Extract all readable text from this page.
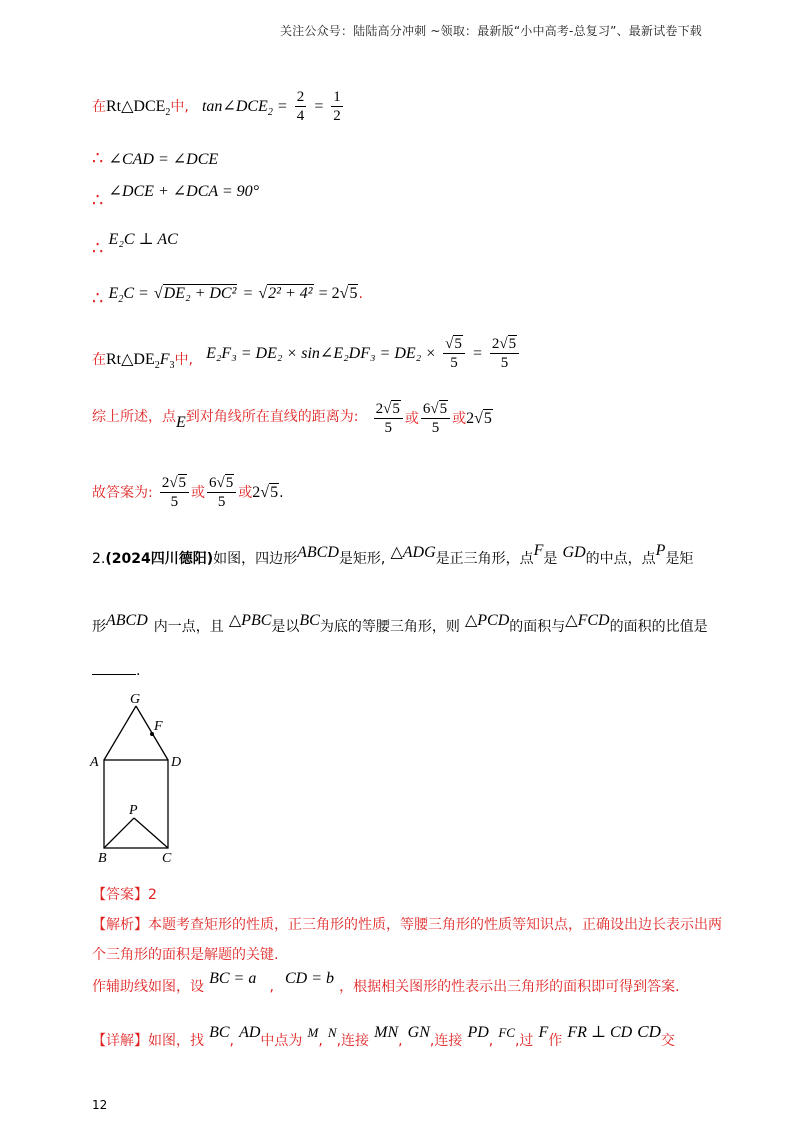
关注公众号：陆陆高分冲刺 ~领取：最新版“小中高考-总复习”、最新试卷下载
在$Rt\triangle DCE_2$中, $\tan\angle DCE_2 = \frac{2}{4} = \frac{1}{2}$
∴ ∠CAD = ∠DCE
∴ ∠DCE + ∠DCA = 90°
∴ E₂C ⊥ AC
∴ $E_2C = √DE_2 + DC^2 = √2^2 + 4^2 = 2√5$.
在$Rt\triangle DE_2F_3$中, E₂F₃ = DE₂ × sin∠E₂DF₃ = $DE_2 \times \frac{√5}{5} = \frac{2√5}{5}$
综上所述，点E到对角线所在直线的距离为: $\frac{2√5}{5}$ 或 $\frac{6√5}{5}$ 或2√5
故答案为: $\frac{2√5}{5}$ 或 $\frac{6√5}{5}$ 或2√5.
2.(2024四川德阳)如图，四边形ABCD是矩形, △ADG是正三角形，点F是 GD的中点，点P是矩
形ABCD 内一点，且 △PBC是以BC为底的等腰三角形，则 △PCD的面积与△FCD的面积的比值是
.
G
F
A	D
P
B	C
【答案】2
【解析】本题考查矩形的性质，正三角形的性质，等腰三角形的性质等知识点，正确设出边长表示出两
个三角形的面积是解题的关键.
作辅助线如图，设 BC = a , CD = b ，根据相关图形的性表示出三角形的面积即可得到答案.
【详解】如图，找 BC, AD中点为 $^M$, $^N$,连接 MN, GN,连接 PD, $^{FC}$,过 F作 FR ⊥ CD CD交
12
